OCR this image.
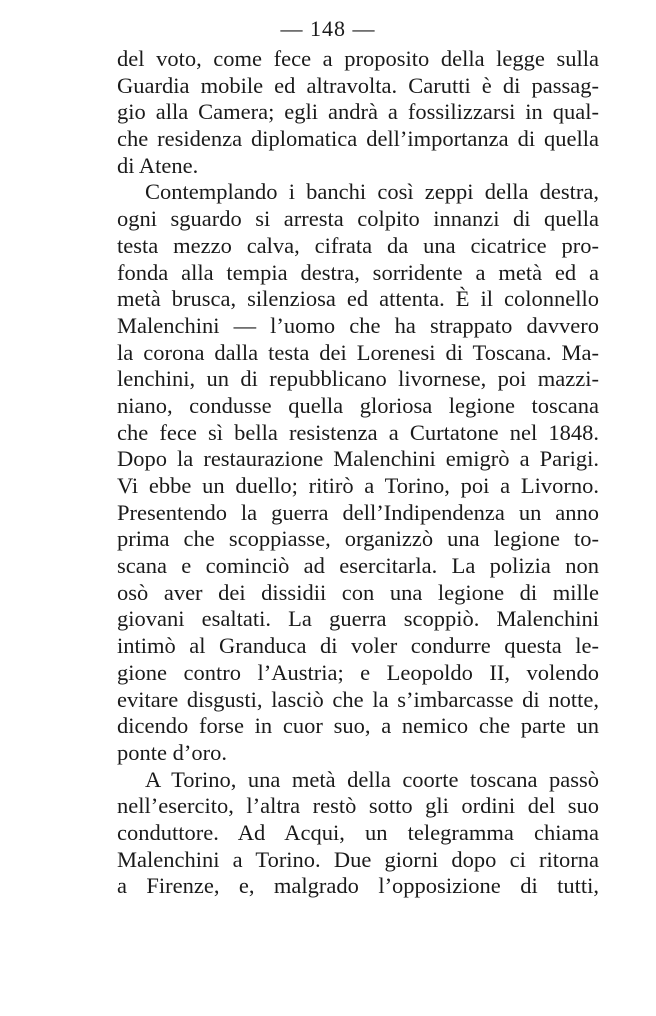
— 148 —
del voto, come fece a proposito della legge sulla
Guardia mobile ed altravolta. Carutti è di passag-
gio alla Camera; egli andrà a fossilizzarsi in qual-
che residenza diplomatica dell’importanza di quella
di Atene.
Contemplando i banchi così zeppi della destra,
ogni sguardo si arresta colpito innanzi di quella
testa mezzo calva, cifrata da una cicatrice pro-
fonda alla tempia destra, sorridente a metà ed a
metà brusca, silenziosa ed attenta. È il colonnello
Malenchini — l’uomo che ha strappato davvero
la corona dalla testa dei Lorenesi di Toscana. Ma-
lenchini, un di repubblicano livornese, poi mazzi-
niano, condusse quella gloriosa legione toscana
che fece sì bella resistenza a Curtatone nel 1848.
Dopo la restaurazione Malenchini emigrò a Parigi.
Vi ebbe un duello; ritirò a Torino, poi a Livorno.
Presentendo la guerra dell’Indipendenza un anno
prima che scoppiasse, organizzò una legione to-
scana e cominciò ad esercitarla. La polizia non
osò aver dei dissidii con una legione di mille
giovani esaltati. La guerra scoppiò. Malenchini
intimò al Granduca di voler condurre questa le-
gione contro l’Austria; e Leopoldo II, volendo
evitare disgusti, lasciò che la s’imbarcasse di notte,
dicendo forse in cuor suo, a nemico che parte un
ponte d’oro.
A Torino, una metà della coorte toscana passò
nell’esercito, l’altra restò sotto gli ordini del suo
conduttore. Ad Acqui, un telegramma chiama
Malenchini a Torino. Due giorni dopo ci ritorna
a Firenze, e, malgrado l’opposizione di tutti,
